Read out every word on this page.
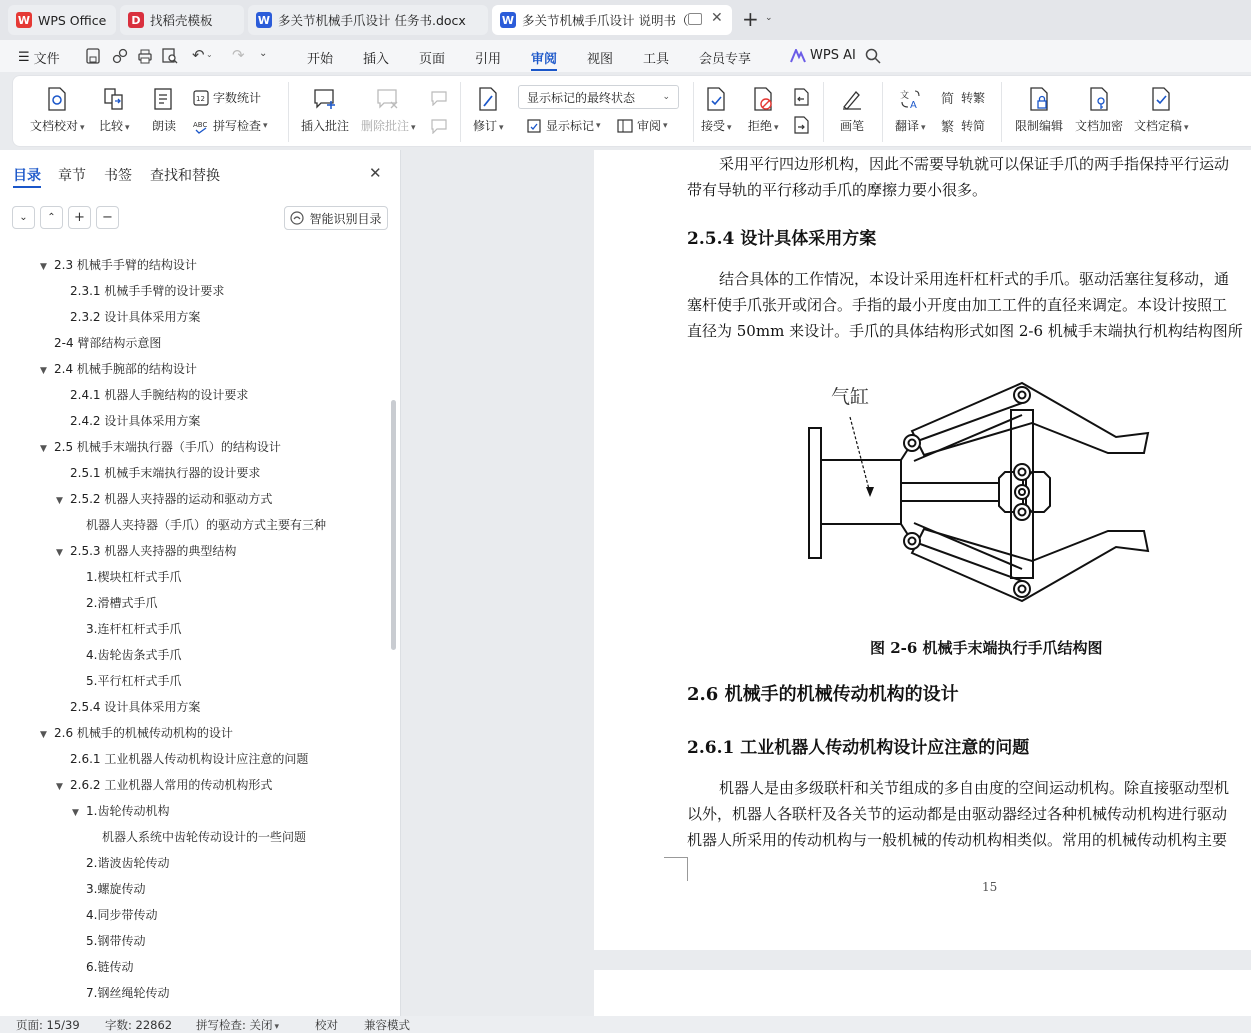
W WPS Office	D 找稻壳模板	W 多关节机械手爪设计 任务书.docx	W 多关节机械手爪设计 说明书（ ✕ + ⌄
☰ 文件	↶ ⌄ ↷ ⌄	开始 插入 页面 引用 审阅 视图 工具 会员专享	WPS AI
文档校对 ▾ 比较 ▾ 朗读
12 字数统计
ABC 拼写检查 ▾	插入批注 删除批注 ▾	修订 ▾
显示标记的最终状态	⌄
显示标记 ▾	审阅 ▾	接受 ▾ 拒绝 ▾	画笔
文
A
翻译 ▾
简 转繁
繁 转简 限制编辑 文档加密 文档定稿 ▾
目录 章节 书签 查找和替换	✕
⌄ ⌃ + −	智能识别目录
▼ 2.3 机械手手臂的结构设计
2.3.1 机械手手臂的设计要求
2.3.2 设计具体采用方案
2-4 臂部结构示意图
▼ 2.4 机械手腕部的结构设计
2.4.1 机器人手腕结构的设计要求
2.4.2 设计具体采用方案
▼ 2.5 机械手末端执行器（手爪）的结构设计
2.5.1 机械手末端执行器的设计要求
▼ 2.5.2 机器人夹持器的运动和驱动方式
机器人夹持器（手爪）的驱动方式主要有三种
▼ 2.5.3 机器人夹持器的典型结构
1.楔块杠杆式手爪
2.滑槽式手爪
3.连杆杠杆式手爪
4.齿轮齿条式手爪
5.平行杠杆式手爪
2.5.4 设计具体采用方案
▼ 2.6 机械手的机械传动机构的设计
2.6.1 工业机器人传动机构设计应注意的问题
▼ 2.6.2 工业机器人常用的传动机构形式
▼ 1.齿轮传动机构
机器人系统中齿轮传动设计的一些问题
2.谐波齿轮传动
3.螺旋传动
4.同步带传动
5.钢带传动
6.链传动
7.钢丝绳轮传动
采用平行四边形机构，因此不需要导轨就可以保证手爪的两手指保持平行运动
带有导轨的平行移动手爪的摩擦力要小很多。
2.5.4 设计具体采用方案
结合具体的工作情况，本设计采用连杆杠杆式的手爪。驱动活塞往复移动，通
塞杆使手爪张开或闭合。手指的最小开度由加工工件的直径来调定。本设计按照工
直径为 50mm 来设计。手爪的具体结构形式如图 2-6 机械手末端执行机构结构图所
气缸
图 2-6 机械手末端执行手爪结构图
2.6 机械手的机械传动机构的设计
2.6.1 工业机器人传动机构设计应注意的问题
机器人是由多级联杆和关节组成的多自由度的空间运动机构。除直接驱动型机
以外，机器人各联杆及各关节的运动都是由驱动器经过各种机械传动机构进行驱动
机器人所采用的传动机构与一般机械的传动机构相类似。常用的机械传动机构主要
15
页面: 15/39 字数: 22862 拼写检查: 关闭 ▾	校对 兼容模式
